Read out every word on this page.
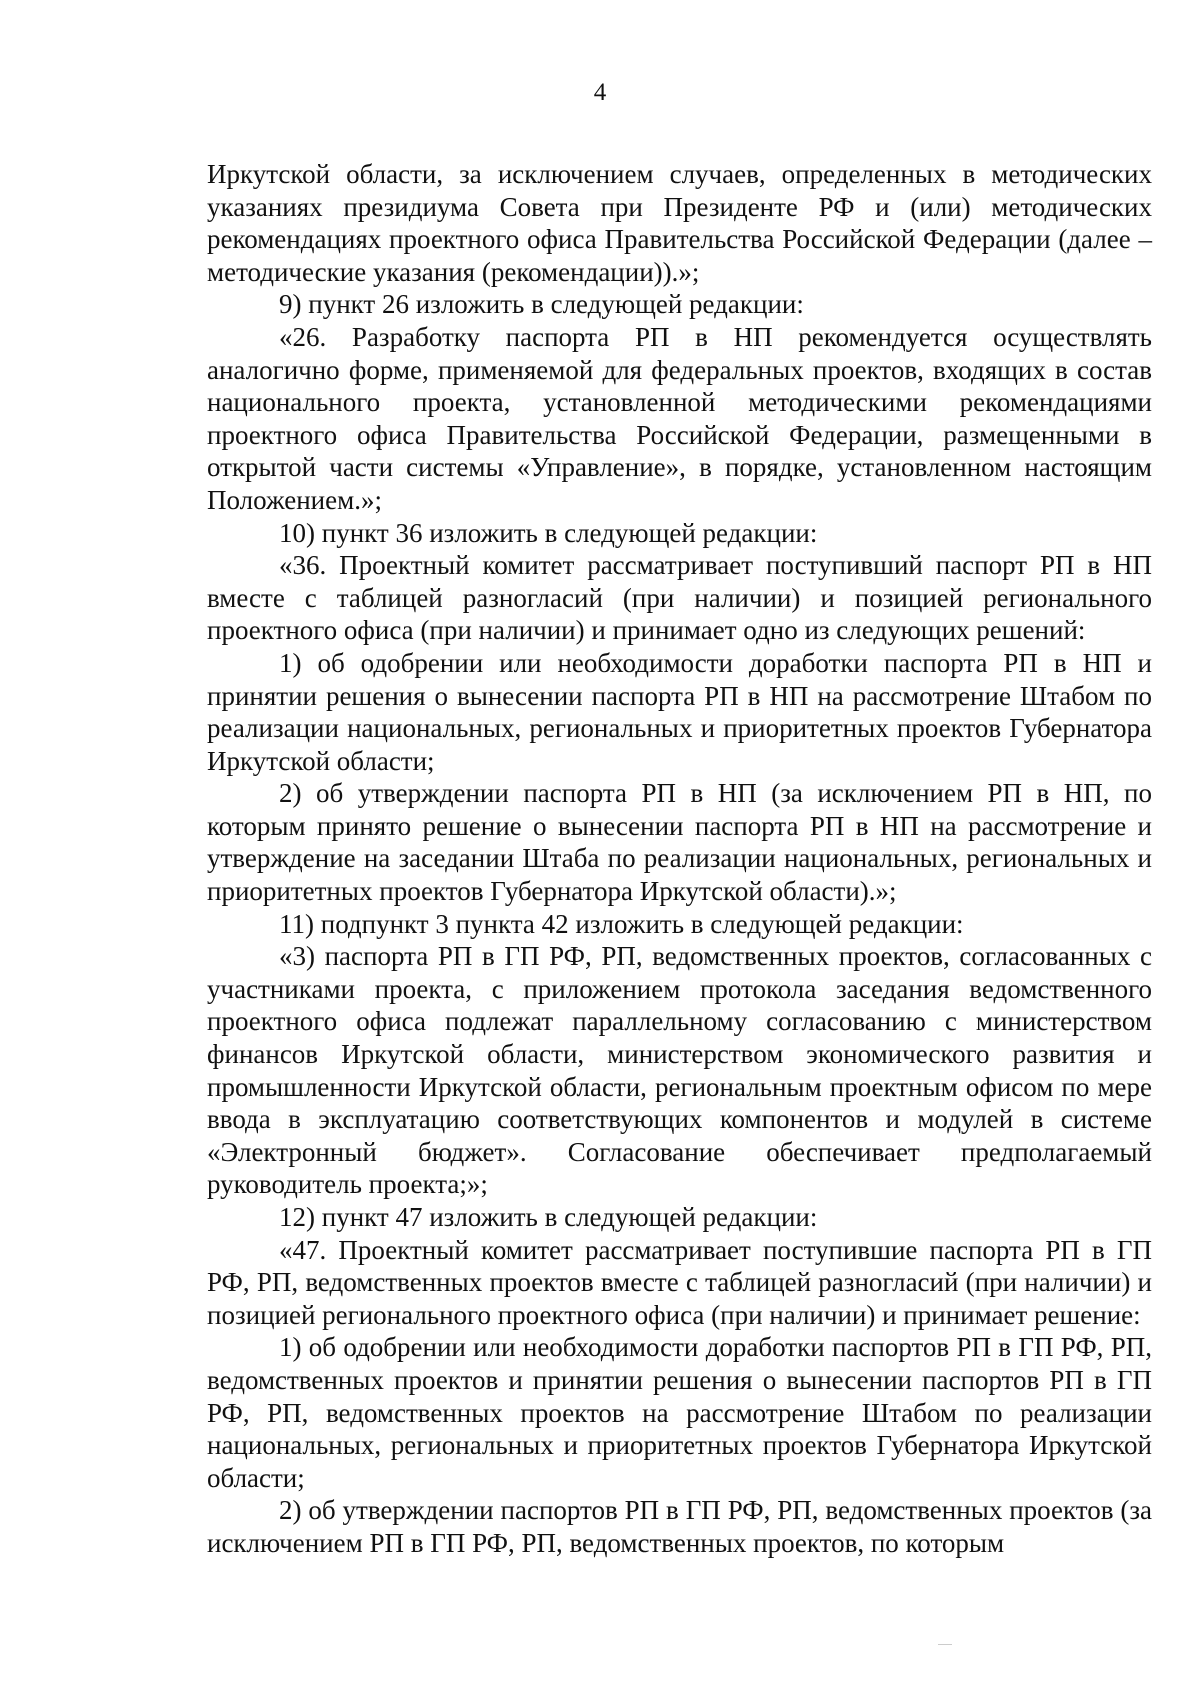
4

Иркутской области, за исключением случаев, определенных в методических указаниях президиума Совета при Президенте РФ и (или) методических рекомендациях проектного офиса Правительства Российской Федерации (далее – методические указания (рекомендации)).»;

9) пункт 26 изложить в следующей редакции:

«26. Разработку паспорта РП в НП рекомендуется осуществлять аналогично форме, применяемой для федеральных проектов, входящих в состав национального проекта, установленной методическими рекомендациями проектного офиса Правительства Российской Федерации, размещенными в открытой части системы «Управление», в порядке, установленном настоящим Положением.»;

10) пункт 36 изложить в следующей редакции:

«36. Проектный комитет рассматривает поступивший паспорт РП в НП вместе с таблицей разногласий (при наличии) и позицией регионального проектного офиса (при наличии) и принимает одно из следующих решений:

1) об одобрении или необходимости доработки паспорта РП в НП и принятии решения о вынесении паспорта РП в НП на рассмотрение Штабом по реализации национальных, региональных и приоритетных проектов Губернатора Иркутской области;

2) об утверждении паспорта РП в НП (за исключением РП в НП, по которым принято решение о вынесении паспорта РП в НП на рассмотрение и утверждение на заседании Штаба по реализации национальных, региональных и приоритетных проектов Губернатора Иркутской области).»;

11) подпункт 3 пункта 42 изложить в следующей редакции:

«3) паспорта РП в ГП РФ, РП, ведомственных проектов, согласованных с участниками проекта, с приложением протокола заседания ведомственного проектного офиса подлежат параллельному согласованию с министерством финансов Иркутской области, министерством экономического развития и промышленности Иркутской области, региональным проектным офисом по мере ввода в эксплуатацию соответствующих компонентов и модулей в системе «Электронный бюджет». Согласование обеспечивает предполагаемый руководитель проекта;»;

12) пункт 47 изложить в следующей редакции:

«47. Проектный комитет рассматривает поступившие паспорта РП в ГП РФ, РП, ведомственных проектов вместе с таблицей разногласий (при наличии) и позицией регионального проектного офиса (при наличии) и принимает решение:

1) об одобрении или необходимости доработки паспортов РП в ГП РФ, РП, ведомственных проектов и принятии решения о вынесении паспортов РП в ГП РФ, РП, ведомственных проектов на рассмотрение Штабом по реализации национальных, региональных и приоритетных проектов Губернатора Иркутской области;

2) об утверждении паспортов РП в ГП РФ, РП, ведомственных проектов (за исключением РП в ГП РФ, РП, ведомственных проектов, по которым
